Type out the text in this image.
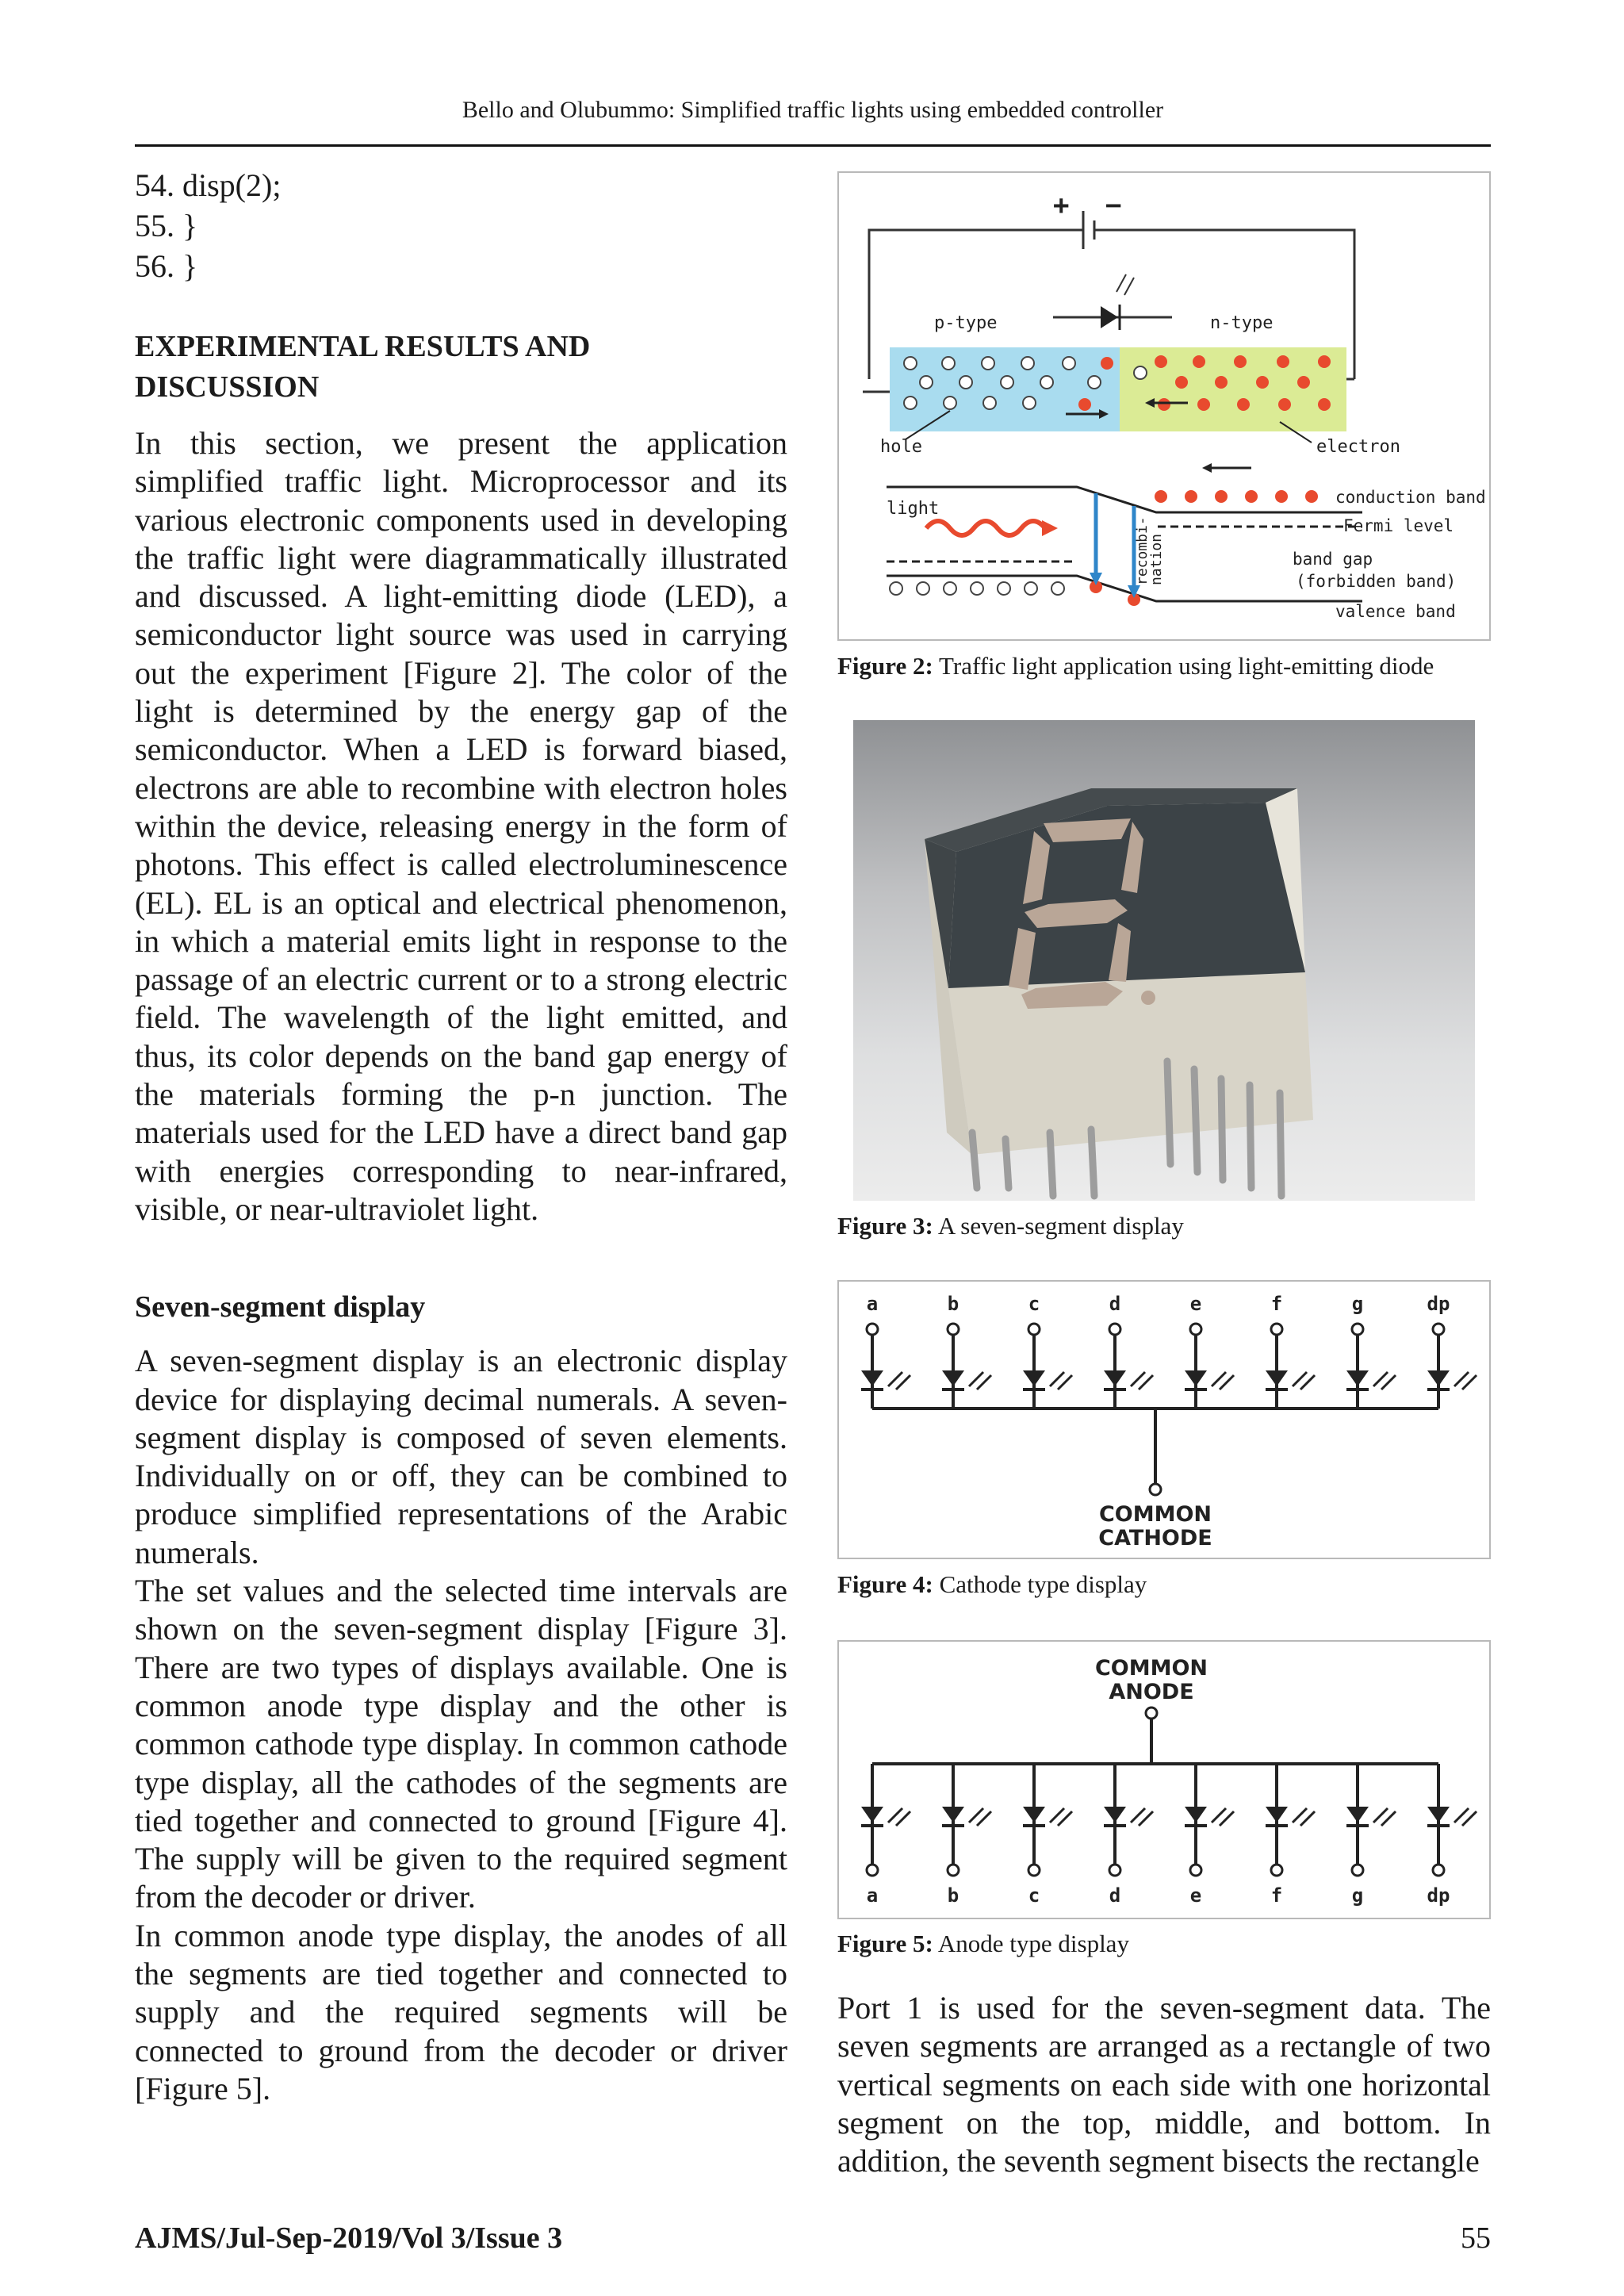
Bello and Olubummo: Simplified traffic lights using embedded controller
54. disp(2);
55. }
56. }
EXPERIMENTAL RESULTS AND
DISCUSSION

In this section, we present the application simplified traffic light. Microprocessor and its various electronic components used in developing the traffic light were diagrammatically illustrated and discussed. A light-emitting diode (LED), a semiconductor light source was used in carrying out the experiment [Figure 2]. The color of the light is determined by the energy gap of the semiconductor. When a LED is forward biased, electrons are able to recombine with electron holes within the device, releasing energy in the form of photons. This effect is called electroluminescence (EL). EL is an optical and electrical phenomenon, in which a material emits light in response to the passage of an electric current or to a strong electric field. The wavelength of the light emitted, and thus, its color depends on the band gap energy of the materials forming the p-n junction. The materials used for the LED have a direct band gap with energies corresponding to near-infrared, visible, or near-ultraviolet light.

Seven-segment display

A seven-segment display is an electronic display device for displaying decimal numerals. A seven-segment display is composed of seven elements. Individually on or off, they can be combined to produce simplified representations of the Arabic numerals.

The set values and the selected time intervals are shown on the seven-segment display [Figure 3]. There are two types of displays available. One is common anode type display and the other is common cathode type display. In common cathode type display, all the cathodes of the segments are tied together and connected to ground [Figure 4]. The supply will be given to the required segment from the decoder or driver.

In common anode type display, the anodes of all the segments are tied together and connected to supply and the required segments will be connected to ground from the decoder or driver [Figure 5].

+ −
p-type	n-type
hole	electron
light
recombi-
nation
conduction band
Fermi level
band gap
(forbidden band)
valence band
Figure 2: Traffic light application using light-emitting diode
Figure 3: A seven-segment display
a	b	c	d	e	f	g	dp
COMMON
CATHODE
Figure 4: Cathode type display
COMMON
ANODE
a	b	c	d	e	f	g	dp
Figure 5: Anode type display

Port 1 is used for the seven-segment data. The seven segments are arranged as a rectangle of two vertical segments on each side with one horizontal segment on the top, middle, and bottom. In addition, the seventh segment bisects the rectangle

AJMS/Jul-Sep-2019/Vol 3/Issue 3	55
